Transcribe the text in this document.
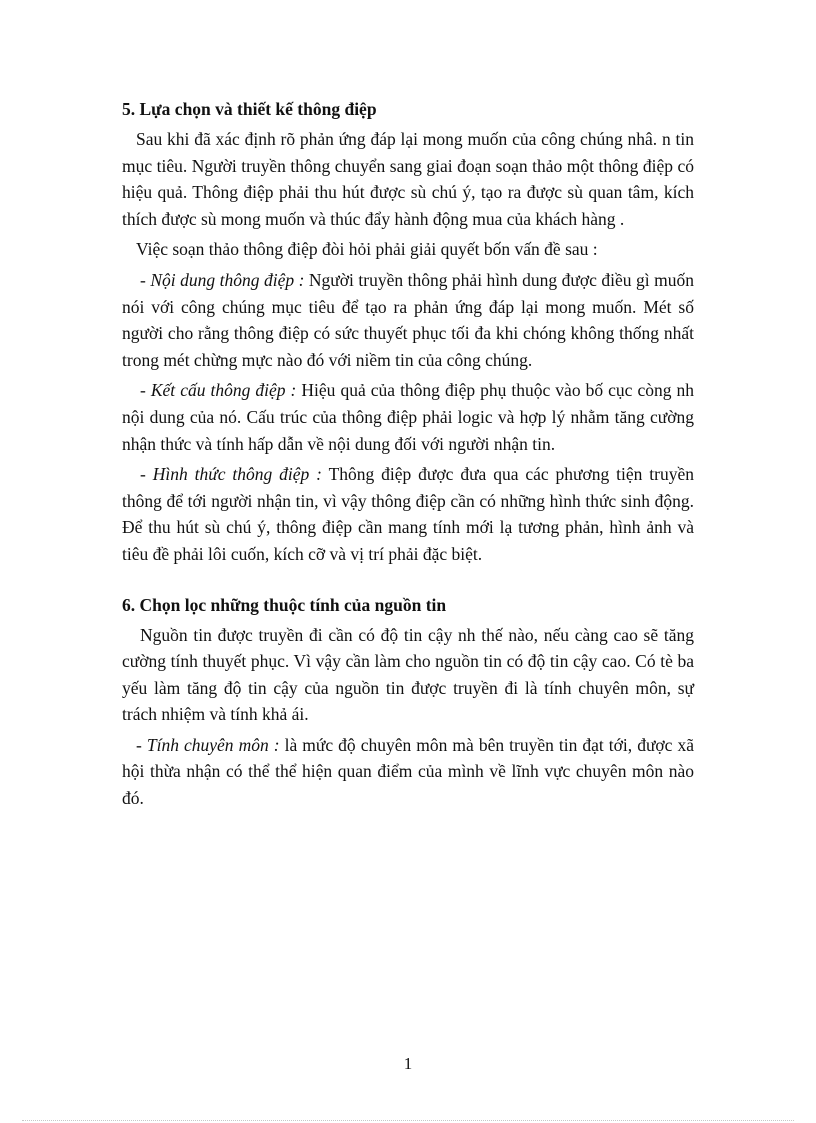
5. Lựa chọn và thiết kế thông điệp

Sau khi đã xác định rõ phản ứng đáp lại mong muốn của công chúng nhâ. n tin mục tiêu. Người truyền thông chuyển sang giai đoạn soạn thảo một thông điệp có hiệu quả. Thông điệp phải thu hút được sù chú ý, tạo ra được sù quan tâm, kích thích được sù mong muốn và thúc đẩy hành động mua của khách hàng .

Việc soạn thảo thông điệp đòi hỏi phải giải quyết bốn vấn đề sau :

- Nội dung thông điệp : Người truyền thông phải hình dung được điều gì muốn nói với công chúng mục tiêu để tạo ra phản ứng đáp lại mong muốn. Mét số người cho rằng thông điệp có sức thuyết phục tối đa khi chóng không thống nhất trong mét chừng mực nào đó với niềm tin của công chúng.

- Kết cấu thông điệp : Hiệu quả của thông điệp phụ thuộc vào bố cục còng nh nội dung của nó. Cấu trúc của thông điệp phải logic và hợp lý nhằm tăng cường nhận thức và tính hấp dẫn về nội dung đối với người nhận tin.

- Hình thức thông điệp : Thông điệp được đưa qua các phương tiện truyền thông để tới người nhận tin, vì vậy thông điệp cần có những hình thức sinh động. Để thu hút sù chú ý, thông điệp cần mang tính mới lạ tương phản, hình ảnh và tiêu đề phải lôi cuốn, kích cỡ và vị trí phải đặc biệt.

6. Chọn lọc những thuộc tính của nguồn tin

Nguồn tin được truyền đi cần có độ tin cậy nh thế nào, nếu càng cao sẽ tăng cường tính thuyết phục. Vì vậy cần làm cho nguồn tin có độ tin cậy cao. Có tè ba yếu làm tăng độ tin cậy của nguồn tin được truyền đi là tính chuyên môn, sự trách nhiệm và tính khả ái.

- Tính chuyên môn : là mức độ chuyên môn mà bên truyền tin đạt tới, được xã hội thừa nhận có thể thể hiện quan điểm của mình về lĩnh vực chuyên môn nào đó.

1
